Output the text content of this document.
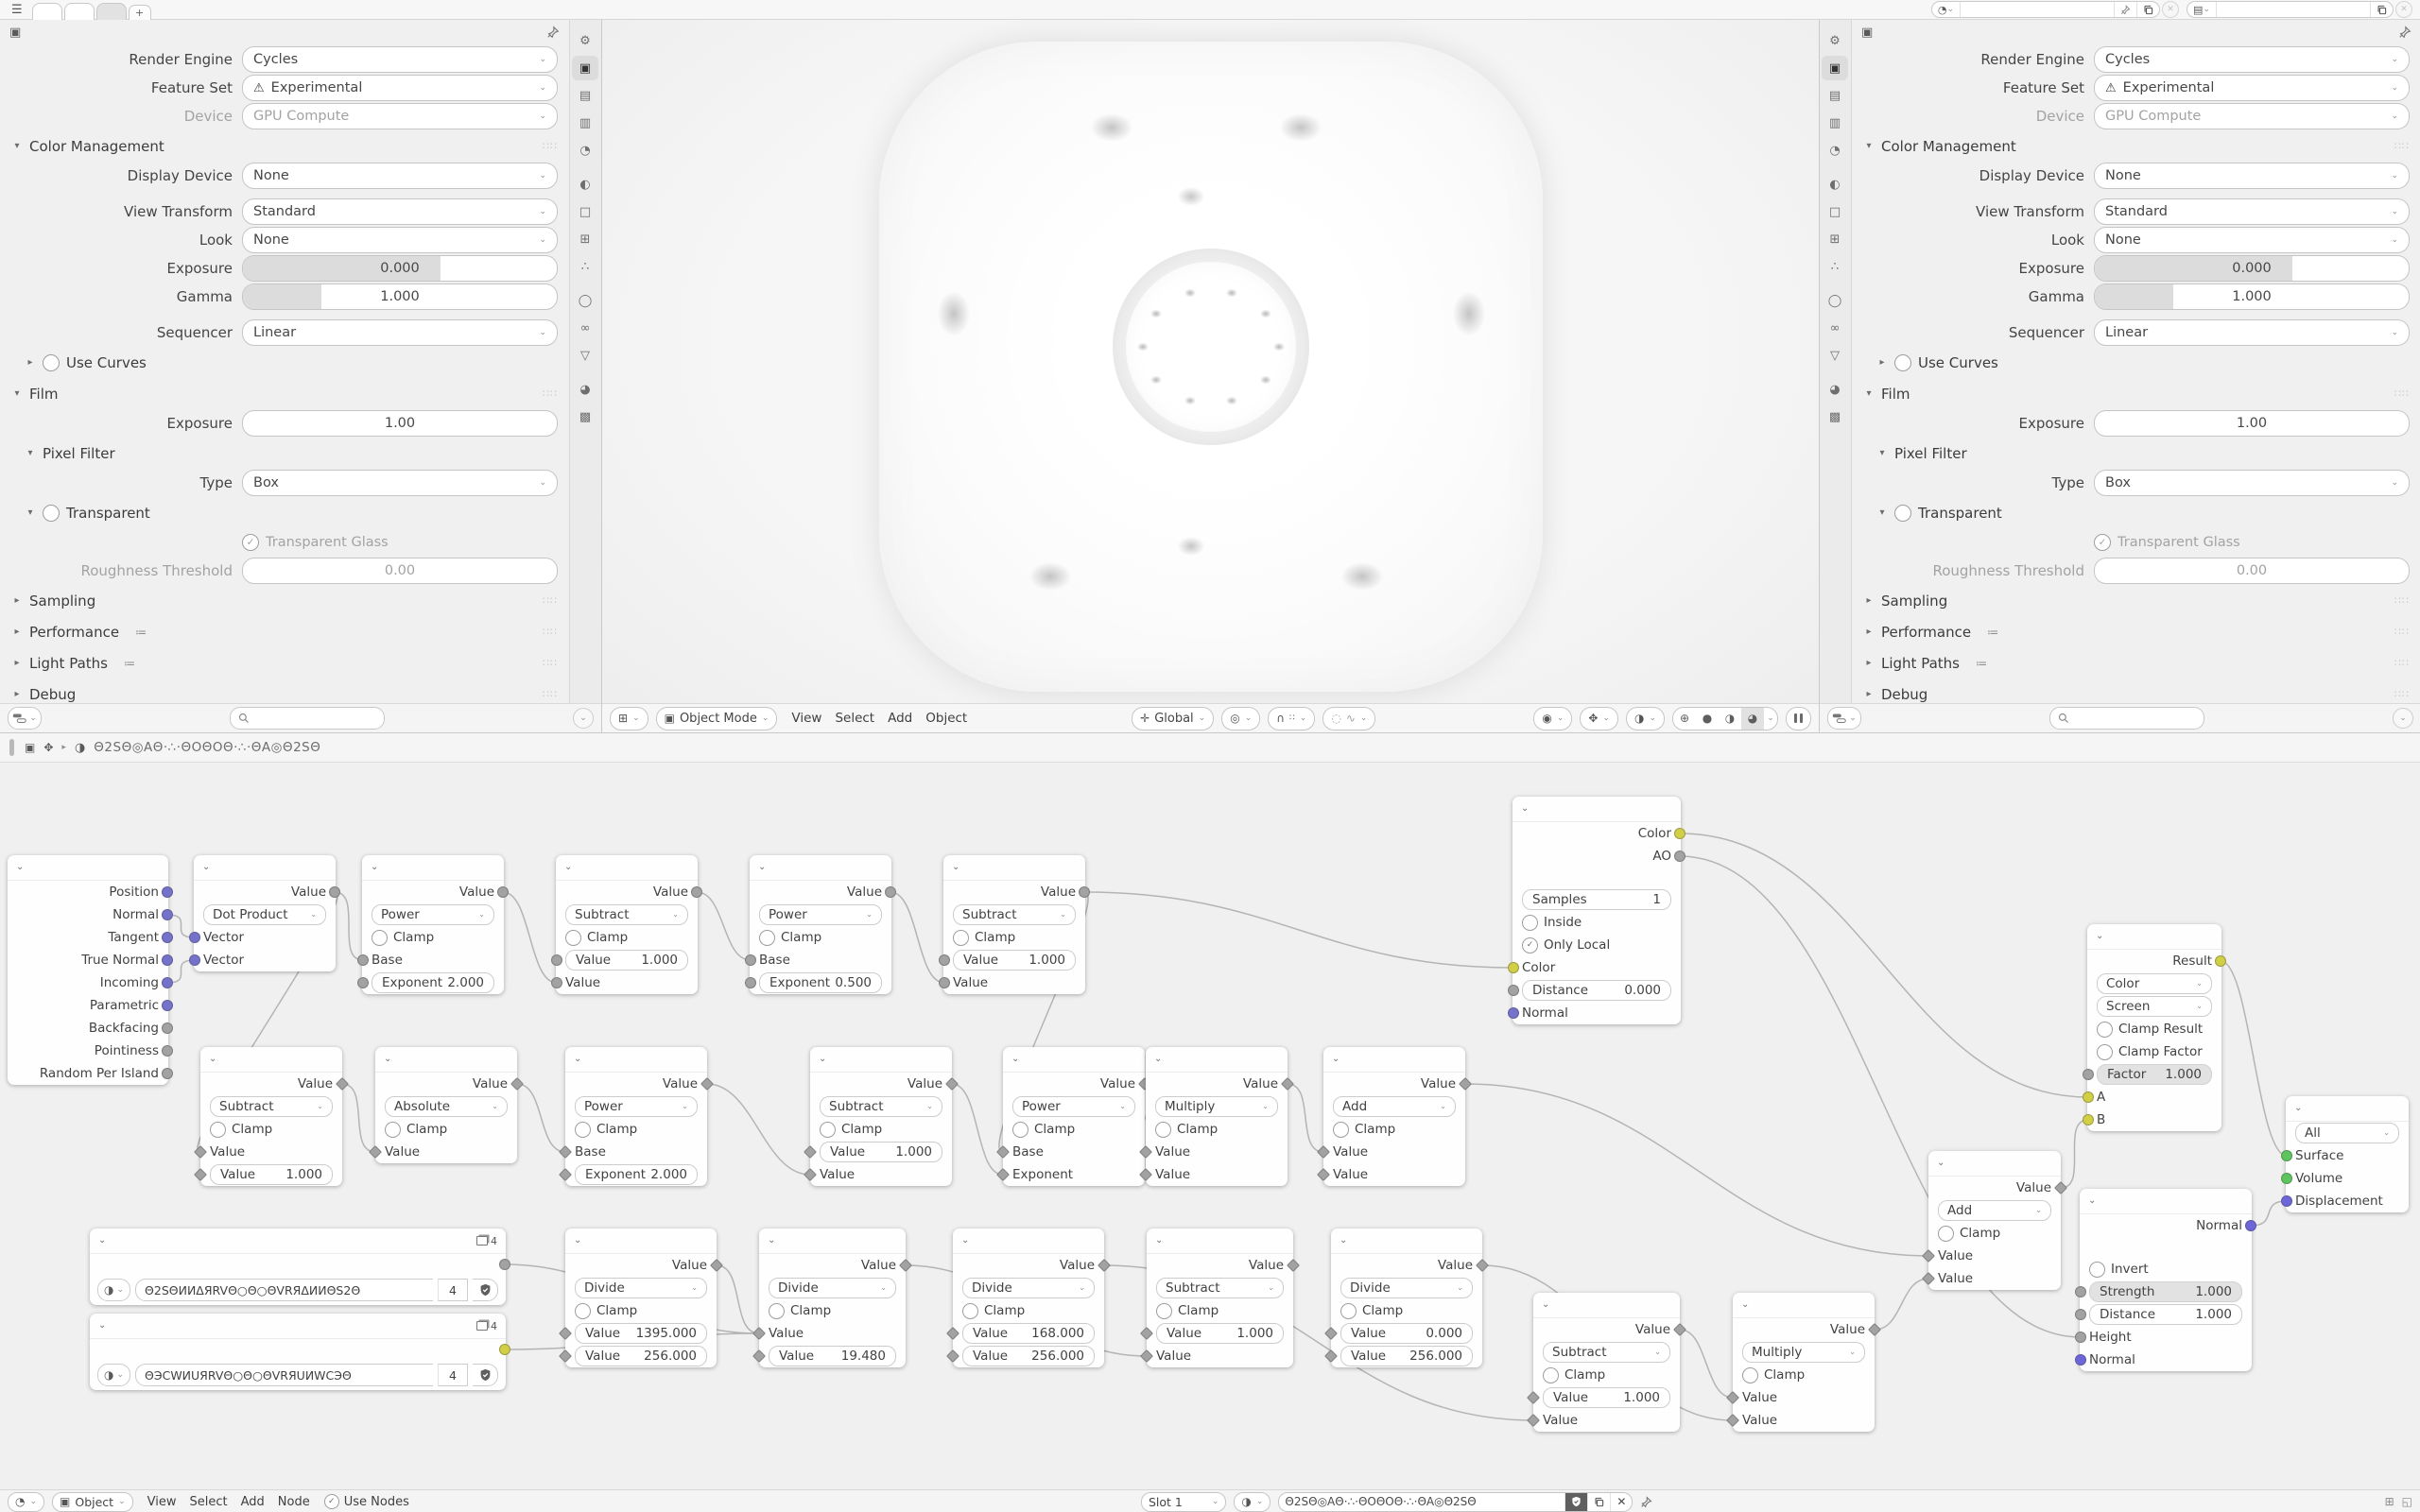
☰	+	◔ ⌄	✕	▤ ⌄	✕
▣
Render Engine	Cycles	⌄
Feature Set	⚠ Experimental	⌄
Device	GPU Compute	⌄
▾ Color Management	∷∷
Display Device	None	⌄
View Transform	Standard	⌄
Look	None	⌄
Exposure	0.000
Gamma	1.000
Sequencer	Linear	⌄
▸ Use Curves
▾ Film	∷∷
Exposure	1.00
▾ Pixel Filter
Type	Box	⌄
▾ Transparent
✓ Transparent Glass
Roughness Threshold	0.00
▸ Sampling	∷∷
▸ Performance ≔	∷∷
▸ Light Paths ≔	∷∷
▸ Debug	∷∷
⚙
▣
▤
▥
◔
◐
□
⊞
∴
◯
∞
▽
◕
▩
⌄	⌄	⊞ ⌄ ▣ Object Mode ⌄	View	Select	Add	Object	✛ Global ⌄ ◎ ⌄ ∩ ∷ ⌄ ◌ ∿ ⌄	◉ ⌄ ✥ ⌄ ◑ ⌄	⊕	●	◑	◕	⌄
▣
Render Engine	Cycles	⌄
Feature Set	⚠ Experimental	⌄
Device	GPU Compute	⌄
▾ Color Management	∷∷
Display Device	None	⌄
View Transform	Standard	⌄
Look	None	⌄
Exposure	0.000
Gamma	1.000
Sequencer	Linear	⌄
▸ Use Curves
▾ Film	∷∷
Exposure	1.00
▾ Pixel Filter
Type	Box	⌄
▾ Transparent
✓ Transparent Glass
Roughness Threshold	0.00
▸ Sampling	∷∷
▸ Performance ≔	∷∷
▸ Light Paths ≔	∷∷
▸ Debug	∷∷
⚙
▣
▤
▥
◔
◐
□
⊞
∴
◯
∞
▽
◕
▩
⌄	⌄
▣ ✥ ▸ ◑ Θ2SΘ◎AΘ·∴·ΘΟΘΟΘ·∴·ΘA◎Θ2SΘ
⌄
Position
Normal
Tangent
True Normal
Incoming
Parametric
Backfacing
Pointiness
Random Per Island
⌄
Value
Dot Product	⌄
Vector
Vector
⌄
Value
Power	⌄
Clamp
Base
Exponent 2.000
⌄
Value
Subtract	⌄
Clamp
Value 1.000
Value
⌄
Value
Power	⌄
Clamp
Base
Exponent 0.500
⌄
Value
Subtract	⌄
Clamp
Value 1.000
Value
⌄
Color
AO
Samples	1
Inside
✓ Only Local
Color
Distance	0.000
Normal
⌄
Value
Subtract	⌄
Clamp
Value
Value 1.000
⌄
Value
Absolute	⌄
Clamp
Value
⌄
Value
Power	⌄
Clamp
Base
Exponent 2.000
⌄
Value
Subtract	⌄
Clamp
Value 1.000
Value
⌄
Value
Power	⌄
Clamp
Base
Exponent
⌄
Value
Multiply	⌄
Clamp
Value
Value
⌄
Value
Add	⌄
Clamp
Value
Value
⌄	4
◑ ⌄	Θ2SΘИИΔЯRVΘ○Θ○ΘVRЯΔИИΘS2Θ	4
⌄	4
◑ ⌄	ΘЭCWИUЯRVΘ○Θ○ΘVRЯUИWCЭΘ	4
⌄
Value
Divide	⌄
Clamp
Value 1395.000
Value 256.000
⌄
Value
Divide	⌄
Clamp
Value
Value 19.480
⌄
Value
Divide	⌄
Clamp
Value 168.000
Value 256.000
⌄
Value
Subtract	⌄
Clamp
Value	1.000
Value
⌄
Value
Divide	⌄
Clamp
Value	0.000
Value 256.000
⌄
Value
Subtract	⌄
Clamp
Value	1.000
Value
⌄
Value
Multiply	⌄
Clamp
Value
Value
⌄
Value
Add	⌄
Clamp
Value
Value
⌄
Result
Color	⌄
Screen	⌄
Clamp Result
Clamp Factor
Factor 1.000
A
B
⌄
All	⌄
Surface
Volume
Displacement
⌄
Normal
Invert
Strength	1.000
Distance	1.000
Height
Normal
◔ ⌄ ▣ Object ⌄	View	Select	Add	Node	✓ Use Nodes	Slot 1	⌄ ◑ ⌄	Θ2SΘ◎AΘ·∴·ΘΟΘΟΘ·∴·ΘA◎Θ2SΘ	✕	⊞ ◱
